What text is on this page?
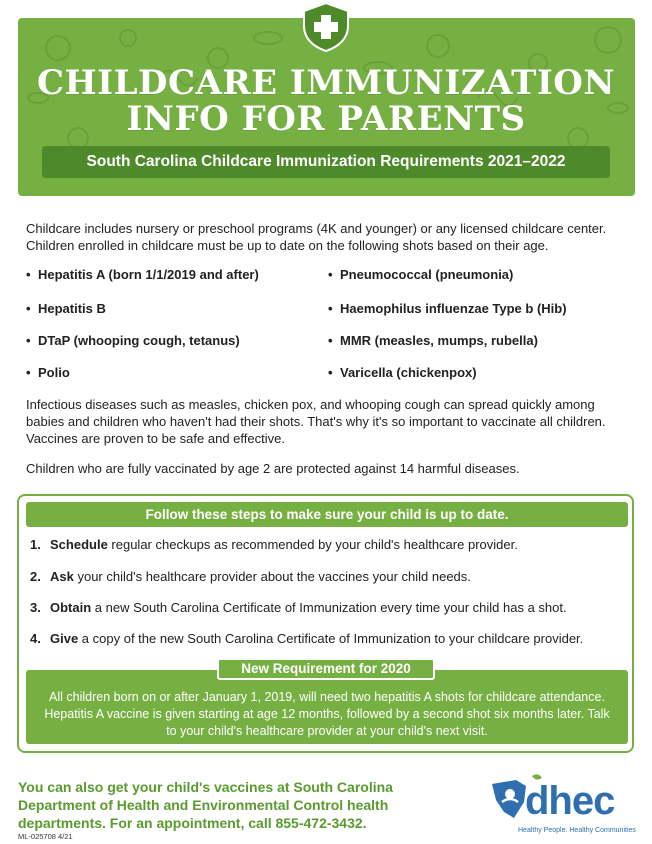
CHILDCARE IMMUNIZATION
INFO FOR PARENTS
South Carolina Childcare Immunization Requirements 2021–2022
Childcare includes nursery or preschool programs (4K and younger) or any licensed childcare center. Children enrolled in childcare must be up to date on the following shots based on their age.
• Hepatitis A (born 1/1/2019 and after)
• Hepatitis B
• DTaP (whooping cough, tetanus)
• Polio
• Pneumococcal (pneumonia)
• Haemophilus influenzae Type b (Hib)
• MMR (measles, mumps, rubella)
• Varicella (chickenpox)
Infectious diseases such as measles, chicken pox, and whooping cough can spread quickly among babies and children who haven't had their shots. That's why it's so important to vaccinate all children. Vaccines are proven to be safe and effective.
Children who are fully vaccinated by age 2 are protected against 14 harmful diseases.
Follow these steps to make sure your child is up to date.
1. Schedule regular checkups as recommended by your child's healthcare provider.
2. Ask your child's healthcare provider about the vaccines your child needs.
3. Obtain a new South Carolina Certificate of Immunization every time your child has a shot.
4. Give a copy of the new South Carolina Certificate of Immunization to your childcare provider.
New Requirement for 2020
All children born on or after January 1, 2019, will need two hepatitis A shots for childcare attendance. Hepatitis A vaccine is given starting at age 12 months, followed by a second shot six months later. Talk to your child's healthcare provider at your child's next visit.
You can also get your child's vaccines at South Carolina Department of Health and Environmental Control health departments. For an appointment, call 855-472-3432.
ML-025708 4/21
dhec
Healthy People. Healthy Communities
